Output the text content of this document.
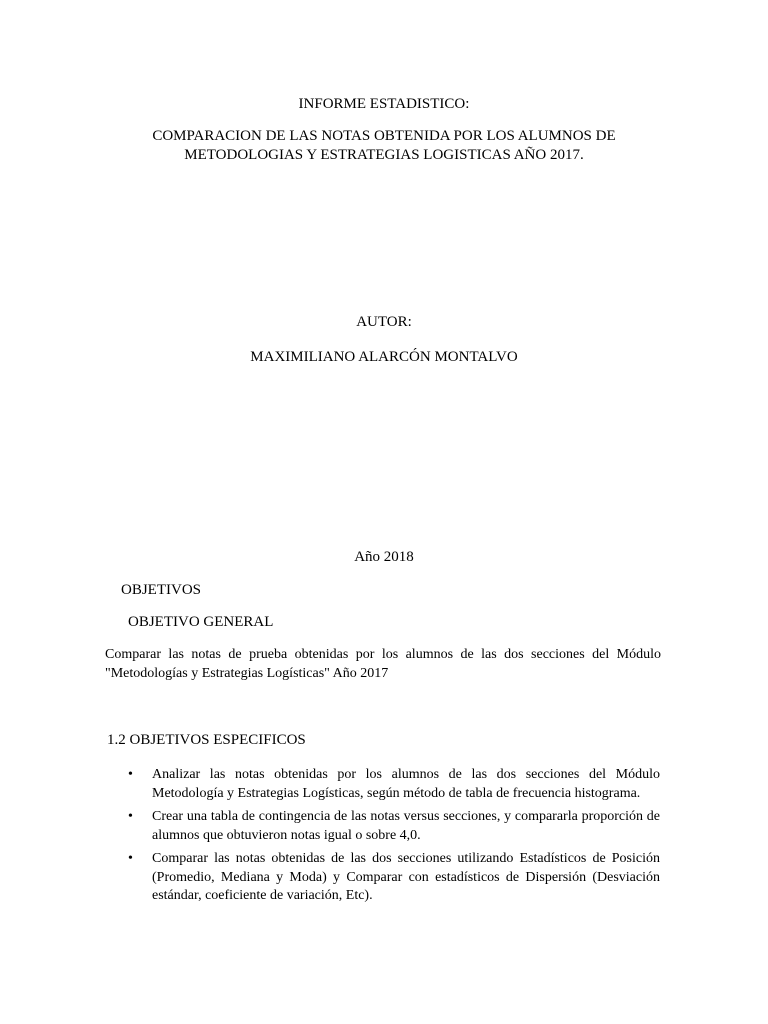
INFORME ESTADISTICO:
COMPARACION DE LAS NOTAS OBTENIDA POR LOS ALUMNOS DE METODOLOGIAS Y ESTRATEGIAS LOGISTICAS AÑO 2017.
AUTOR:
MAXIMILIANO ALARCÓN MONTALVO
Año 2018
OBJETIVOS
OBJETIVO GENERAL
Comparar las notas de prueba obtenidas por los alumnos de las dos secciones del Módulo "Metodologías y Estrategias Logísticas" Año 2017
1.2 OBJETIVOS ESPECIFICOS
• Analizar las notas obtenidas por los alumnos de las dos secciones del Módulo Metodología y Estrategias Logísticas, según método de tabla de frecuencia histograma.
• Crear una tabla de contingencia de las notas versus secciones, y compararla proporción de alumnos que obtuvieron notas igual o sobre 4,0.
• Comparar las notas obtenidas de las dos secciones utilizando Estadísticos de Posición (Promedio, Mediana y Moda) y Comparar con estadísticos de Dispersión (Desviación estándar, coeficiente de variación, Etc).
